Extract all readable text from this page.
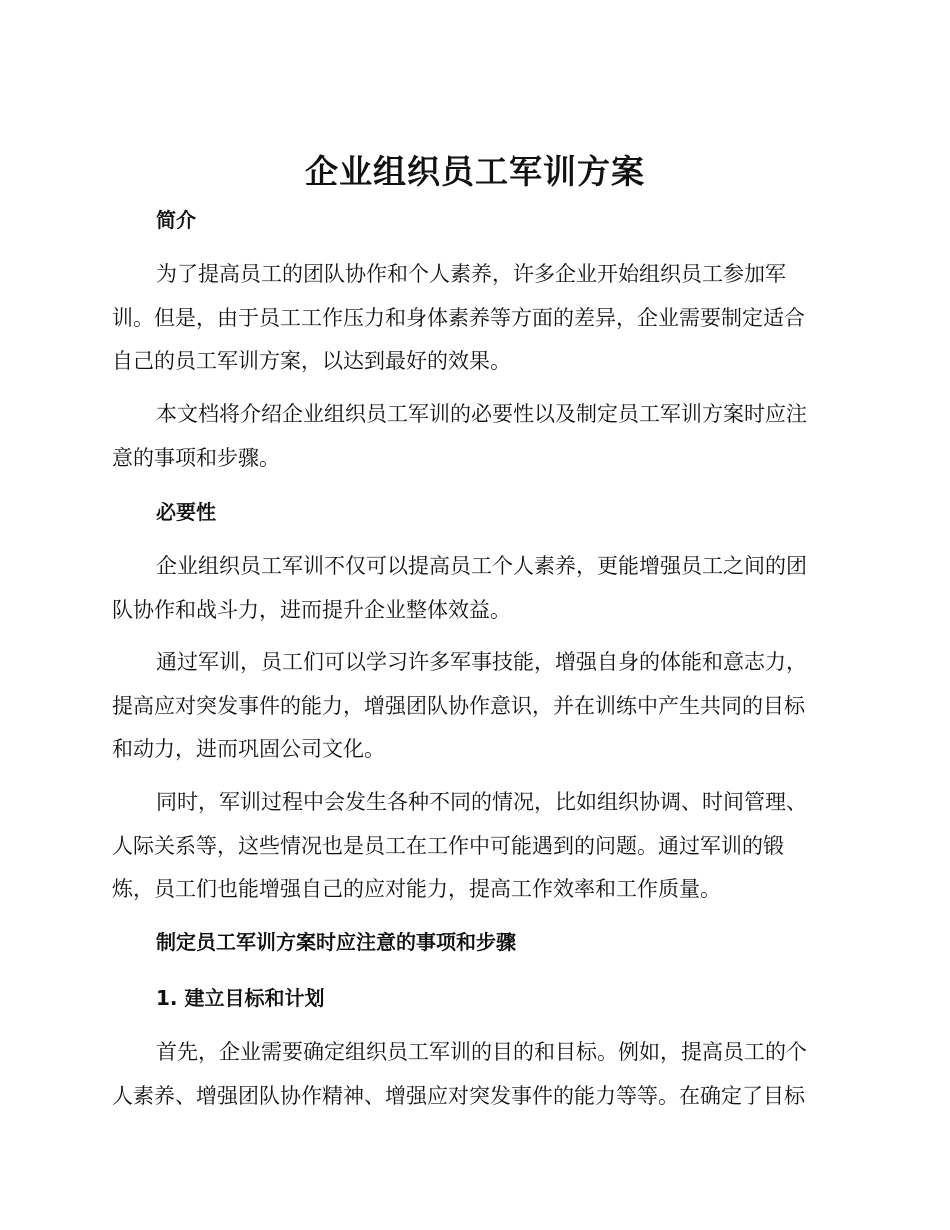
企业组织员工军训方案
简介

为了提高员工的团队协作和个人素养，许多企业开始组织员工参加军
训。但是，由于员工工作压力和身体素养等方面的差异，企业需要制定适合
自己的员工军训方案，以达到最好的效果。

本文档将介绍企业组织员工军训的必要性以及制定员工军训方案时应注
意的事项和步骤。

必要性

企业组织员工军训不仅可以提高员工个人素养，更能增强员工之间的团
队协作和战斗力，进而提升企业整体效益。

通过军训，员工们可以学习许多军事技能，增强自身的体能和意志力，
提高应对突发事件的能力，增强团队协作意识，并在训练中产生共同的目标
和动力，进而巩固公司文化。

同时，军训过程中会发生各种不同的情况，比如组织协调、时间管理、
人际关系等，这些情况也是员工在工作中可能遇到的问题。通过军训的锻
炼，员工们也能增强自己的应对能力，提高工作效率和工作质量。

制定员工军训方案时应注意的事项和步骤
1. 建立目标和计划

首先，企业需要确定组织员工军训的目的和目标。例如，提高员工的个
人素养、增强团队协作精神、增强应对突发事件的能力等等。在确定了目标
